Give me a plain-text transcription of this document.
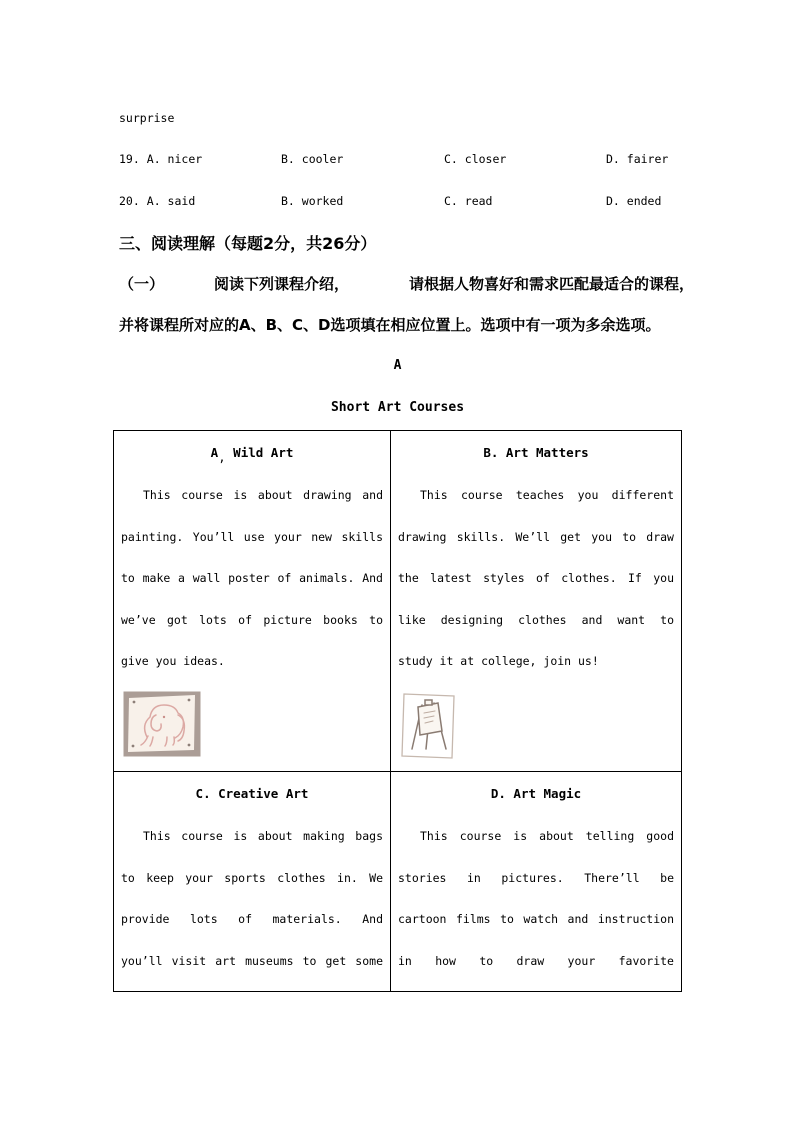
surprise
19. A. nicer	B. cooler	C. closer	D. fairer
20. A. said	B. worked	C. read	D. ended
三、阅读理解（每题2分，共26分）
（一）	阅读下列课程介绍，	请根据人物喜好和需求匹配最适合的课程，
并将课程所对应的A、B、C、D选项填在相应位置上。选项中有一项为多余选项。
A
Short Art Courses
A  Wild Art
’
This course is about drawing and
painting. You’ll use your new skills
to make a wall poster of animals. And
we’ve got lots of picture books to
give you ideas.
B. Art Matters
This course teaches you different
drawing skills. We’ll get you to draw
the latest styles of clothes. If you
like designing clothes and want to
study it at college, join us!
C. Creative Art
This course is about making bags
to keep your sports clothes in. We
provide lots of materials. And
you’ll visit art museums to get some
D. Art Magic
This course is about telling good
stories in pictures. There’ll be
cartoon films to watch and instruction
in how to draw your favorite
